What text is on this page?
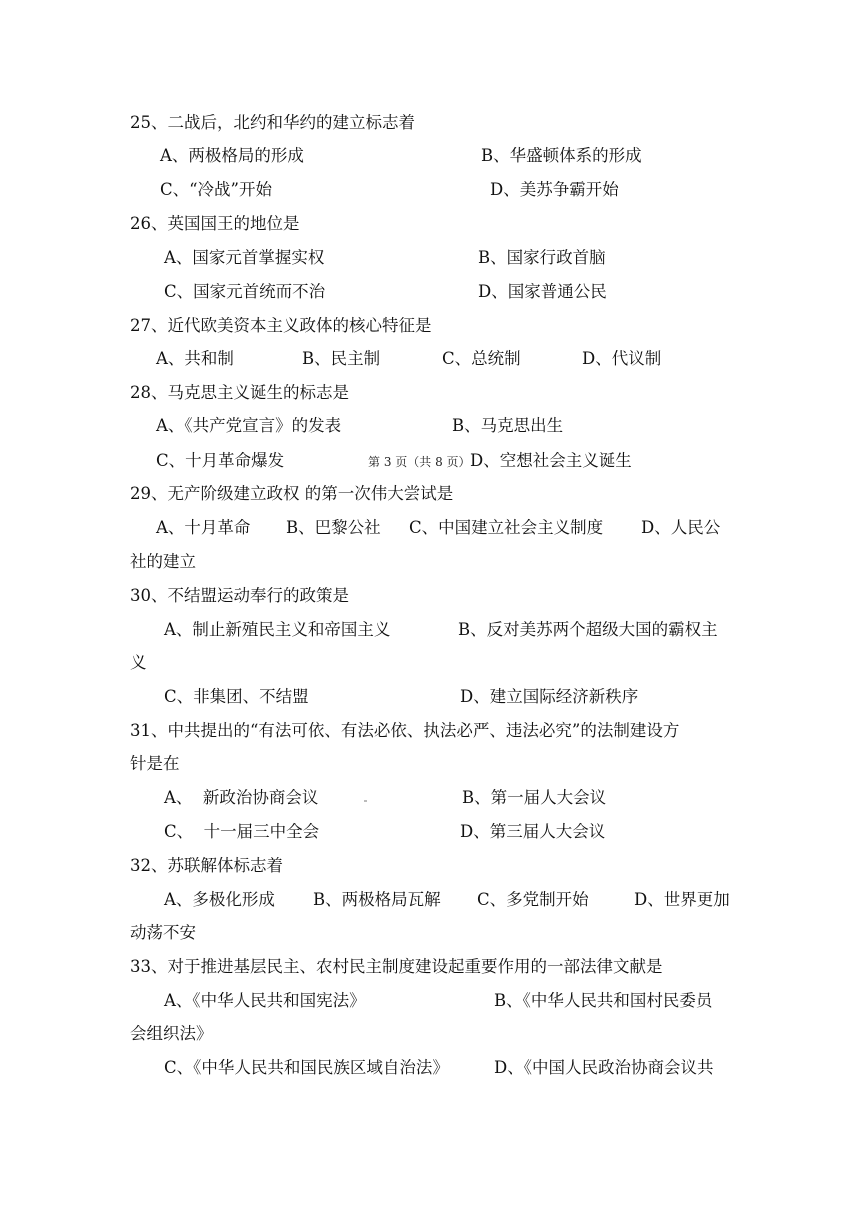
25、二战后，北约和华约的建立标志着
A、两极格局的形成	B、华盛顿体系的形成
C、“冷战”开始	D、美苏争霸开始
26、英国国王的地位是
A、国家元首掌握实权	B、国家行政首脑
C、国家元首统而不治	D、国家普通公民
27、近代欧美资本主义政体的核心特征是
A、共和制	B、民主制	C、总统制	D、代议制
28、马克思主义诞生的标志是
A、《共产党宣言》的发表	B、马克思出生
C、十月革命爆发	第 3 页（共 8 页） D、空想社会主义诞生
29、无产阶级建立政权 的第一次伟大尝试是
A、十月革命 B、巴黎公社 C、中国建立社会主义制度 D、人民公
社的建立
30、不结盟运动奉行的政策是
A、制止新殖民主义和帝国主义	B、反对美苏两个超级大国的霸权主
义
C、非集团、不结盟	D、建立国际经济新秩序
31、中共提出的“有法可依、有法必依、执法必严、违法必究”的法制建设方
针是在
A、  新政治协商会议	B、第一届人大会议
C、  十一届三中全会	D、第三届人大会议
32、苏联解体标志着
A、多极化形成 B、两极格局瓦解 C、多党制开始	D、世界更加
动荡不安
33、对于推进基层民主、农村民主制度建设起重要作用的一部法律文献是
A、《中华人民共和国宪法》	B、《中华人民共和国村民委员
会组织法》
C、《中华人民共和国民族区域自治法》	D、《中国人民政治协商会议共
